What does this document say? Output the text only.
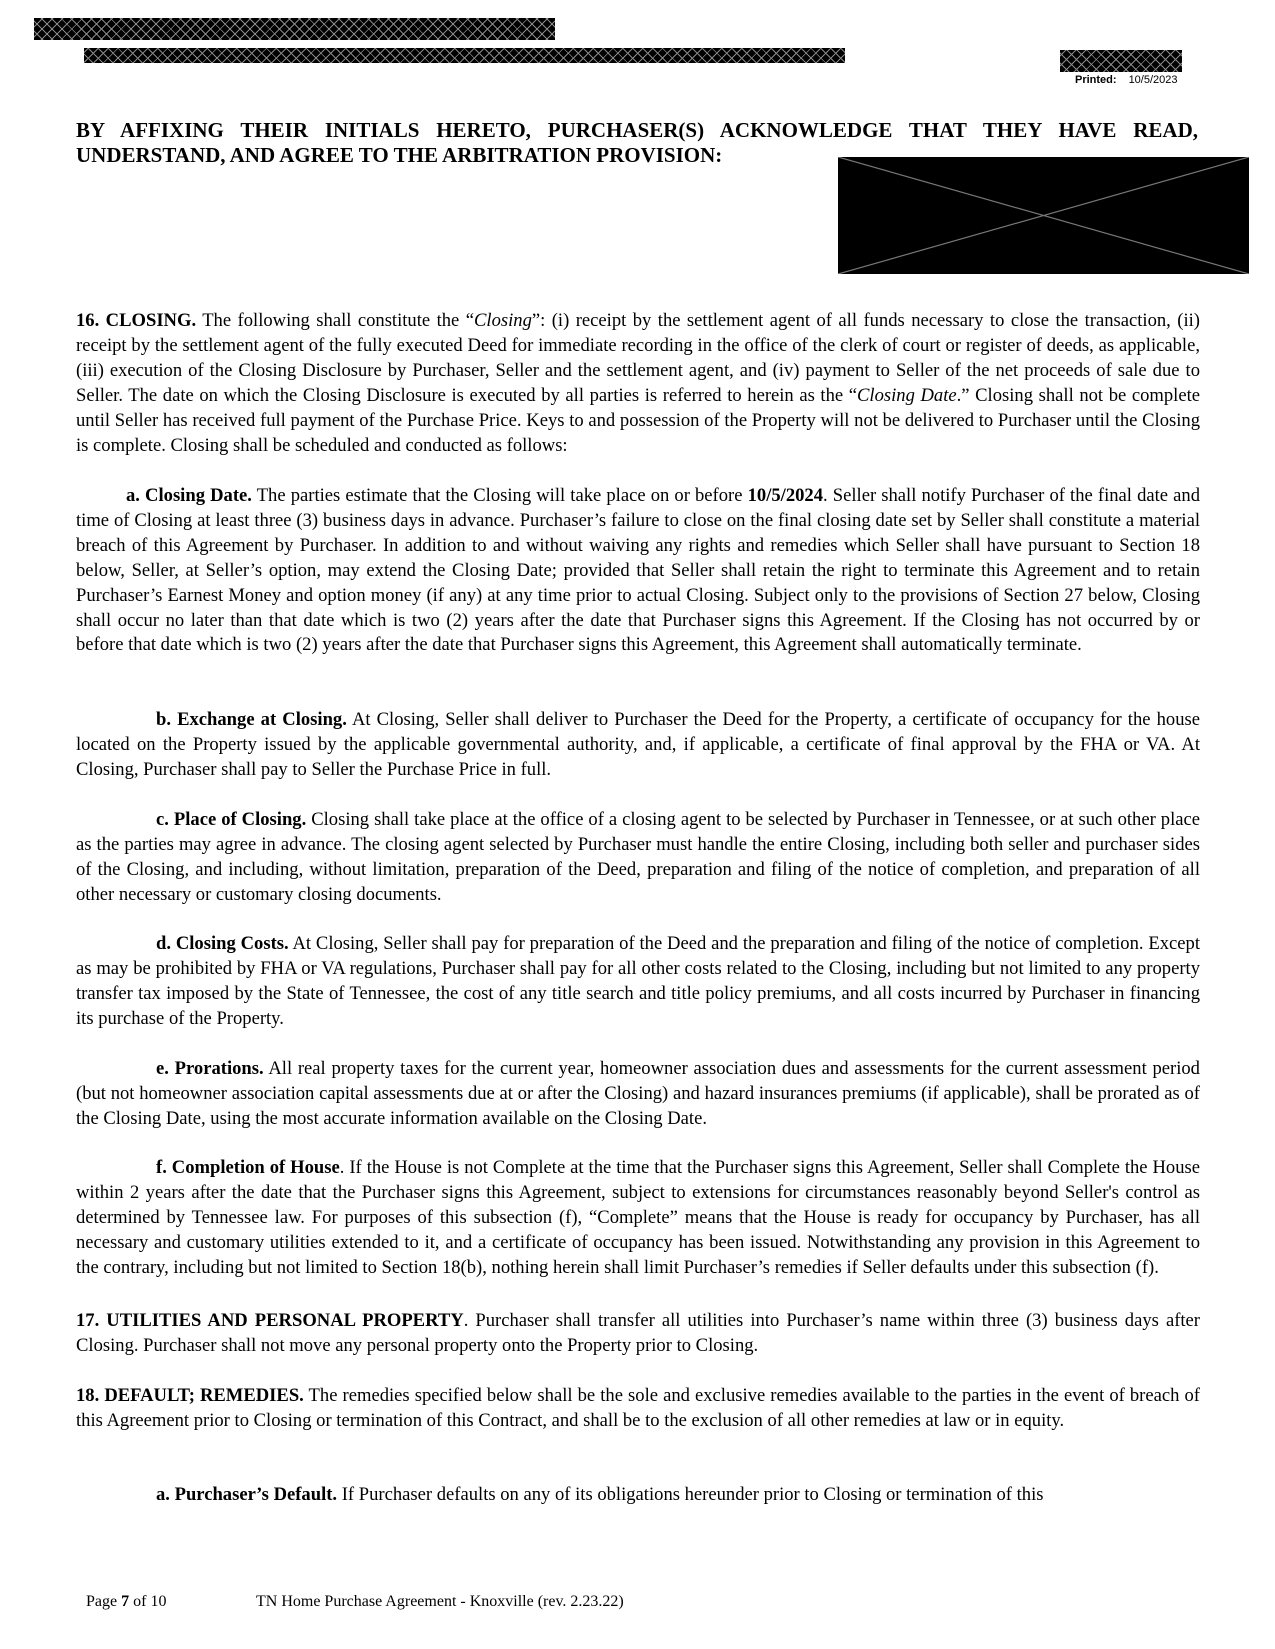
Printed: 10/5/2023
BY AFFIXING THEIR INITIALS HERETO, PURCHASER(S) ACKNOWLEDGE THAT THEY HAVE READ, UNDERSTAND, AND AGREE TO THE ARBITRATION PROVISION:

16. CLOSING. The following shall constitute the “Closing”: (i) receipt by the settlement agent of all funds necessary to close the transaction, (ii) receipt by the settlement agent of the fully executed Deed for immediate recording in the office of the clerk of court or register of deeds, as applicable, (iii) execution of the Closing Disclosure by Purchaser, Seller and the settlement agent, and (iv) payment to Seller of the net proceeds of sale due to Seller. The date on which the Closing Disclosure is executed by all parties is referred to herein as the “Closing Date.” Closing shall not be complete until Seller has received full payment of the Purchase Price. Keys to and possession of the Property will not be delivered to Purchaser until the Closing is complete. Closing shall be scheduled and conducted as follows:

a. Closing Date. The parties estimate that the Closing will take place on or before 10/5/2024. Seller shall notify Purchaser of the final date and time of Closing at least three (3) business days in advance. Purchaser’s failure to close on the final closing date set by Seller shall constitute a material breach of this Agreement by Purchaser. In addition to and without waiving any rights and remedies which Seller shall have pursuant to Section 18 below, Seller, at Seller’s option, may extend the Closing Date; provided that Seller shall retain the right to terminate this Agreement and to retain Purchaser’s Earnest Money and option money (if any) at any time prior to actual Closing. Subject only to the provisions of Section 27 below, Closing shall occur no later than that date which is two (2) years after the date that Purchaser signs this Agreement. If the Closing has not occurred by or before that date which is two (2) years after the date that Purchaser signs this Agreement, this Agreement shall automatically terminate.

b. Exchange at Closing. At Closing, Seller shall deliver to Purchaser the Deed for the Property, a certificate of occupancy for the house located on the Property issued by the applicable governmental authority, and, if applicable, a certificate of final approval by the FHA or VA. At Closing, Purchaser shall pay to Seller the Purchase Price in full.

c. Place of Closing. Closing shall take place at the office of a closing agent to be selected by Purchaser in Tennessee, or at such other place as the parties may agree in advance. The closing agent selected by Purchaser must handle the entire Closing, including both seller and purchaser sides of the Closing, and including, without limitation, preparation of the Deed, preparation and filing of the notice of completion, and preparation of all other necessary or customary closing documents.

d. Closing Costs. At Closing, Seller shall pay for preparation of the Deed and the preparation and filing of the notice of completion. Except as may be prohibited by FHA or VA regulations, Purchaser shall pay for all other costs related to the Closing, including but not limited to any property transfer tax imposed by the State of Tennessee, the cost of any title search and title policy premiums, and all costs incurred by Purchaser in financing its purchase of the Property.

e. Prorations. All real property taxes for the current year, homeowner association dues and assessments for the current assessment period (but not homeowner association capital assessments due at or after the Closing) and hazard insurances premiums (if applicable), shall be prorated as of the Closing Date, using the most accurate information available on the Closing Date.

f. Completion of House. If the House is not Complete at the time that the Purchaser signs this Agreement, Seller shall Complete the House within 2 years after the date that the Purchaser signs this Agreement, subject to extensions for circumstances reasonably beyond Seller's control as determined by Tennessee law. For purposes of this subsection (f), “Complete” means that the House is ready for occupancy by Purchaser, has all necessary and customary utilities extended to it, and a certificate of occupancy has been issued. Notwithstanding any provision in this Agreement to the contrary, including but not limited to Section 18(b), nothing herein shall limit Purchaser’s remedies if Seller defaults under this subsection (f).

17. UTILITIES AND PERSONAL PROPERTY. Purchaser shall transfer all utilities into Purchaser’s name within three (3) business days after Closing. Purchaser shall not move any personal property onto the Property prior to Closing.

18. DEFAULT; REMEDIES. The remedies specified below shall be the sole and exclusive remedies available to the parties in the event of breach of this Agreement prior to Closing or termination of this Contract, and shall be to the exclusion of all other remedies at law or in equity.

a. Purchaser’s Default. If Purchaser defaults on any of its obligations hereunder prior to Closing or termination of this

Page 7 of 10	TN Home Purchase Agreement - Knoxville (rev. 2.23.22)
